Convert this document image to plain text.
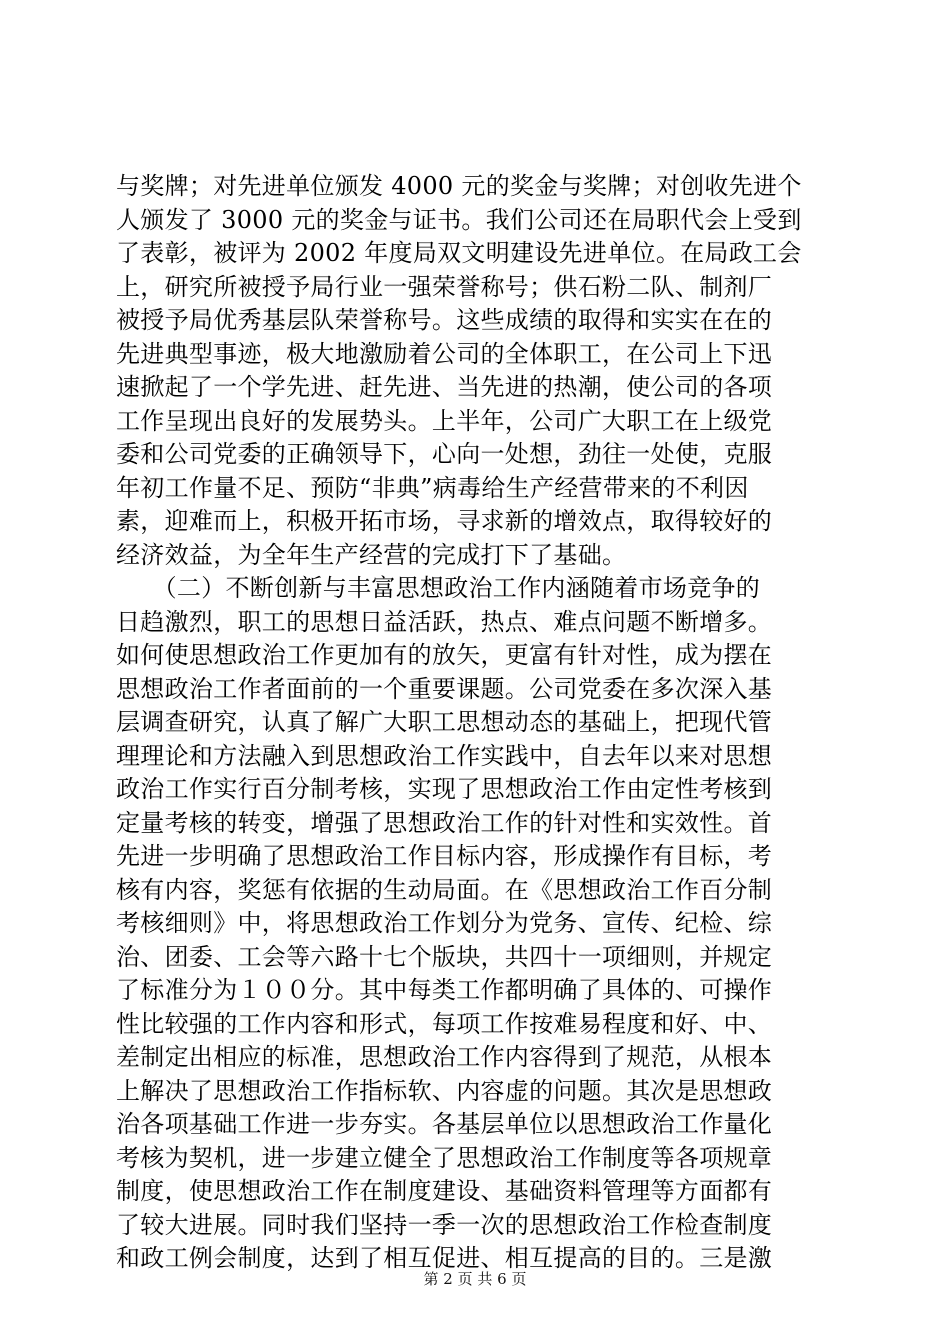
与奖牌；对先进单位颁发 4000 元的奖金与奖牌；对创收先进个
人颁发了 3000 元的奖金与证书。我们公司还在局职代会上受到
了表彰，被评为 2002 年度局双文明建设先进单位。在局政工会
上，研究所被授予局行业一强荣誉称号；供石粉二队、制剂厂
被授予局优秀基层队荣誉称号。这些成绩的取得和实实在在的
先进典型事迹，极大地激励着公司的全体职工，在公司上下迅
速掀起了一个学先进、赶先进、当先进的热潮，使公司的各项
工作呈现出良好的发展势头。上半年，公司广大职工在上级党
委和公司党委的正确领导下，心向一处想，劲往一处使，克服
年初工作量不足、预防“非典”病毒给生产经营带来的不利因
素，迎难而上，积极开拓市场，寻求新的增效点，取得较好的
经济效益，为全年生产经营的完成打下了基础。
　　（二）不断创新与丰富思想政治工作内涵随着市场竞争的
日趋激烈，职工的思想日益活跃，热点、难点问题不断增多。
如何使思想政治工作更加有的放矢，更富有针对性，成为摆在
思想政治工作者面前的一个重要课题。公司党委在多次深入基
层调查研究，认真了解广大职工思想动态的基础上，把现代管
理理论和方法融入到思想政治工作实践中，自去年以来对思想
政治工作实行百分制考核，实现了思想政治工作由定性考核到
定量考核的转变，增强了思想政治工作的针对性和实效性。首
先进一步明确了思想政治工作目标内容，形成操作有目标，考
核有内容，奖惩有依据的生动局面。在《思想政治工作百分制
考核细则》中，将思想政治工作划分为党务、宣传、纪检、综
治、团委、工会等六路十七个版块，共四十一项细则，并规定
了标准分为１００分。其中每类工作都明确了具体的、可操作
性比较强的工作内容和形式，每项工作按难易程度和好、中、
差制定出相应的标准，思想政治工作内容得到了规范，从根本
上解决了思想政治工作指标软、内容虚的问题。其次是思想政
治各项基础工作进一步夯实。各基层单位以思想政治工作量化
考核为契机，进一步建立健全了思想政治工作制度等各项规章
制度，使思想政治工作在制度建设、基础资料管理等方面都有
了较大进展。同时我们坚持一季一次的思想政治工作检查制度
和政工例会制度，达到了相互促进、相互提高的目的。三是激
第 2 页 共 6 页
